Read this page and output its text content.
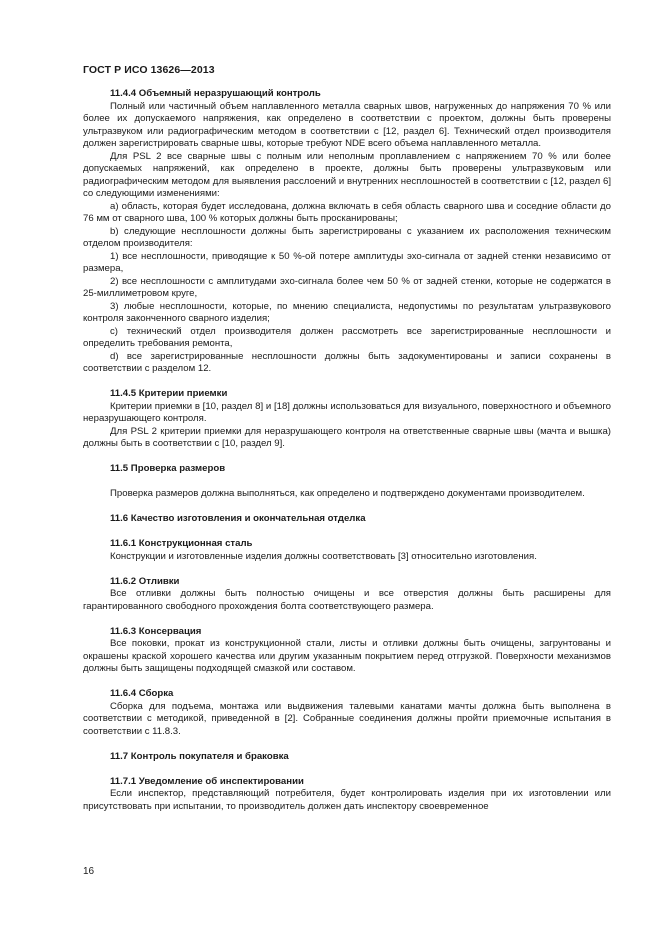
ГОСТ Р ИСО 13626—2013
11.4.4 Объемный неразрушающий контроль

Полный или частичный объем наплавленного металла сварных швов, нагруженных до напряжения 70 % или более их допускаемого напряжения, как определено в соответствии с проектом, должны быть проверены ультразвуком или радиографическим методом в соответствии с [12, раздел 6]. Технический отдел производителя должен зарегистрировать сварные швы, которые требуют NDE всего объема наплавленного металла.

Для PSL 2 все сварные швы с полным или неполным проплавлением с напряжением 70 % или более допускаемых напряжений, как определено в проекте, должны быть проверены ультразвуковым или радиографическим методом для выявления расслоений и внутренних несплошностей в соответствии с [12, раздел 6] со следующими изменениями:

a) область, которая будет исследована, должна включать в себя область сварного шва и соседние области до 76 мм от сварного шва, 100 % которых должны быть просканированы;

b) следующие несплошности должны быть зарегистрированы с указанием их расположения техническим отделом производителя:

1) все несплошности, приводящие к 50 %-ой потере амплитуды эхо-сигнала от задней стенки независимо от размера,

2) все несплошности с амплитудами эхо-сигнала более чем 50 % от задней стенки, которые не содержатся в 25-миллиметровом круге,

3) любые несплошности, которые, по мнению специалиста, недопустимы по результатам ультразвукового контроля законченного сварного изделия;

c) технический отдел производителя должен рассмотреть все зарегистрированные несплошности и определить требования ремонта,

d) все зарегистрированные несплошности должны быть задокументированы и записи сохранены в соответствии с разделом 12.

11.4.5 Критерии приемки

Критерии приемки в [10, раздел 8] и [18] должны использоваться для визуального, поверхностного и объемного неразрушающего контроля.

Для PSL 2 критерии приемки для неразрушающего контроля на ответственные сварные швы (мачта и вышка) должны быть в соответствии с [10, раздел 9].

11.5 Проверка размеров

Проверка размеров должна выполняться, как определено и подтверждено документами производителем.

11.6 Качество изготовления и окончательная отделка
11.6.1 Конструкционная сталь

Конструкции и изготовленные изделия должны соответствовать [3] относительно изготовления.

11.6.2 Отливки

Все отливки должны быть полностью очищены и все отверстия должны быть расширены для гарантированного свободного прохождения болта соответствующего размера.

11.6.3 Консервация

Все поковки, прокат из конструкционной стали, листы и отливки должны быть очищены, загрунтованы и окрашены краской хорошего качества или другим указанным покрытием перед отгрузкой. Поверхности механизмов должны быть защищены подходящей смазкой или составом.

11.6.4 Сборка

Сборка для подъема, монтажа или выдвижения талевыми канатами мачты должна быть выполнена в соответствии с методикой, приведенной в [2]. Собранные соединения должны пройти приемочные испытания в соответствии с 11.8.3.

11.7 Контроль покупателя и браковка
11.7.1 Уведомление об инспектировании

Если инспектор, представляющий потребителя, будет контролировать изделия при их изготовлении или присутствовать при испытании, то производитель должен дать инспектору своевременное

16
